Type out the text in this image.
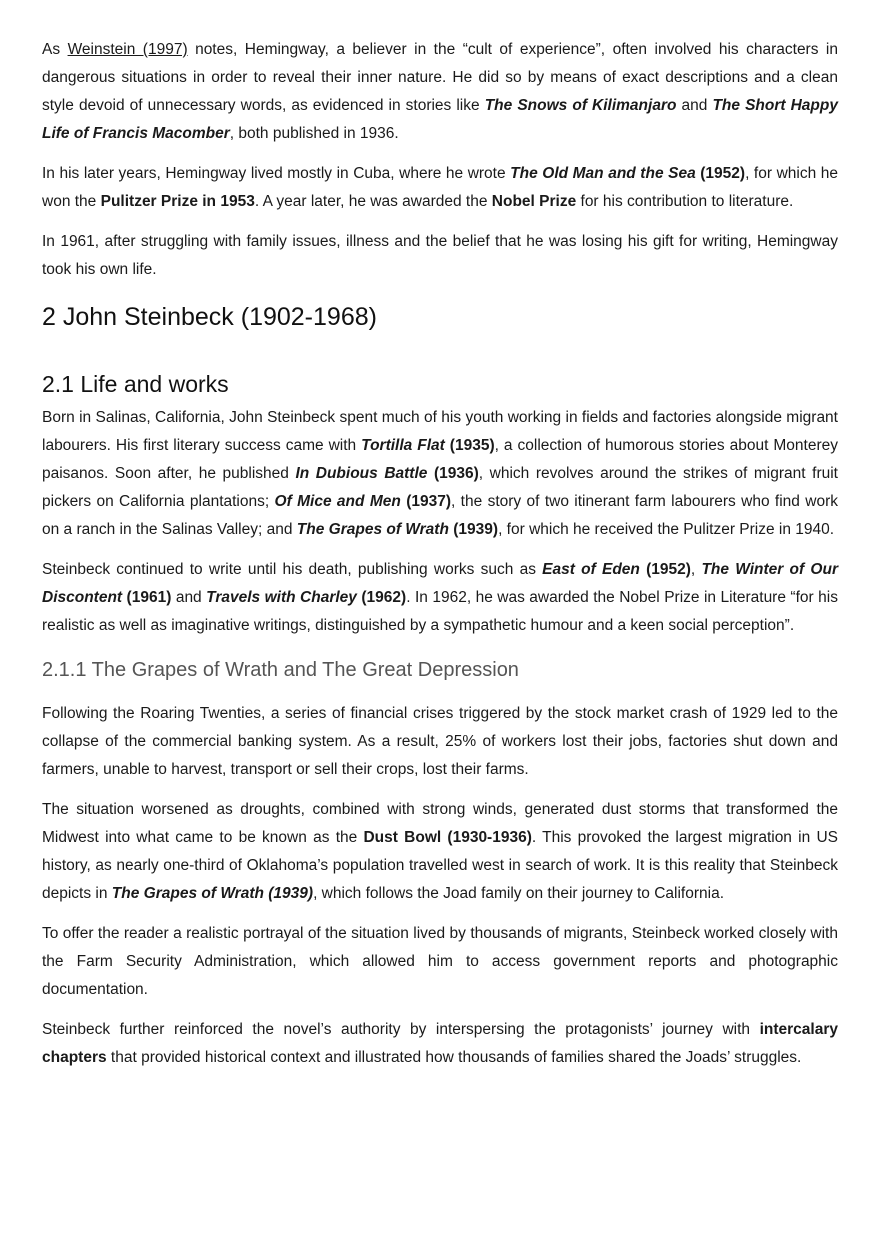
As Weinstein (1997) notes, Hemingway, a believer in the “cult of experience”, often involved his characters in dangerous situations in order to reveal their inner nature. He did so by means of exact descriptions and a clean style devoid of unnecessary words, as evidenced in stories like The Snows of Kilimanjaro and The Short Happy Life of Francis Macomber, both published in 1936.

In his later years, Hemingway lived mostly in Cuba, where he wrote The Old Man and the Sea (1952), for which he won the Pulitzer Prize in 1953. A year later, he was awarded the Nobel Prize for his contribution to literature.

In 1961, after struggling with family issues, illness and the belief that he was losing his gift for writing, Hemingway took his own life.

2 John Steinbeck (1902-1968)
2.1 Life and works

Born in Salinas, California, John Steinbeck spent much of his youth working in fields and factories alongside migrant labourers. His first literary success came with Tortilla Flat (1935), a collection of humorous stories about Monterey paisanos. Soon after, he published In Dubious Battle (1936), which revolves around the strikes of migrant fruit pickers on California plantations; Of Mice and Men (1937), the story of two itinerant farm labourers who find work on a ranch in the Salinas Valley; and The Grapes of Wrath (1939), for which he received the Pulitzer Prize in 1940.

Steinbeck continued to write until his death, publishing works such as East of Eden (1952), The Winter of Our Discontent (1961) and Travels with Charley (1962). In 1962, he was awarded the Nobel Prize in Literature “for his realistic as well as imaginative writings, distinguished by a sympathetic humour and a keen social perception”.

2.1.1 The Grapes of Wrath and The Great Depression

Following the Roaring Twenties, a series of financial crises triggered by the stock market crash of 1929 led to the collapse of the commercial banking system. As a result, 25% of workers lost their jobs, factories shut down and farmers, unable to harvest, transport or sell their crops, lost their farms.

The situation worsened as droughts, combined with strong winds, generated dust storms that transformed the Midwest into what came to be known as the Dust Bowl (1930-1936). This provoked the largest migration in US history, as nearly one-third of Oklahoma’s population travelled west in search of work. It is this reality that Steinbeck depicts in The Grapes of Wrath (1939), which follows the Joad family on their journey to California.

To offer the reader a realistic portrayal of the situation lived by thousands of migrants, Steinbeck worked closely with the Farm Security Administration, which allowed him to access government reports and photographic documentation.

Steinbeck further reinforced the novel’s authority by interspersing the protagonists’ journey with intercalary chapters that provided historical context and illustrated how thousands of families shared the Joads’ struggles.
